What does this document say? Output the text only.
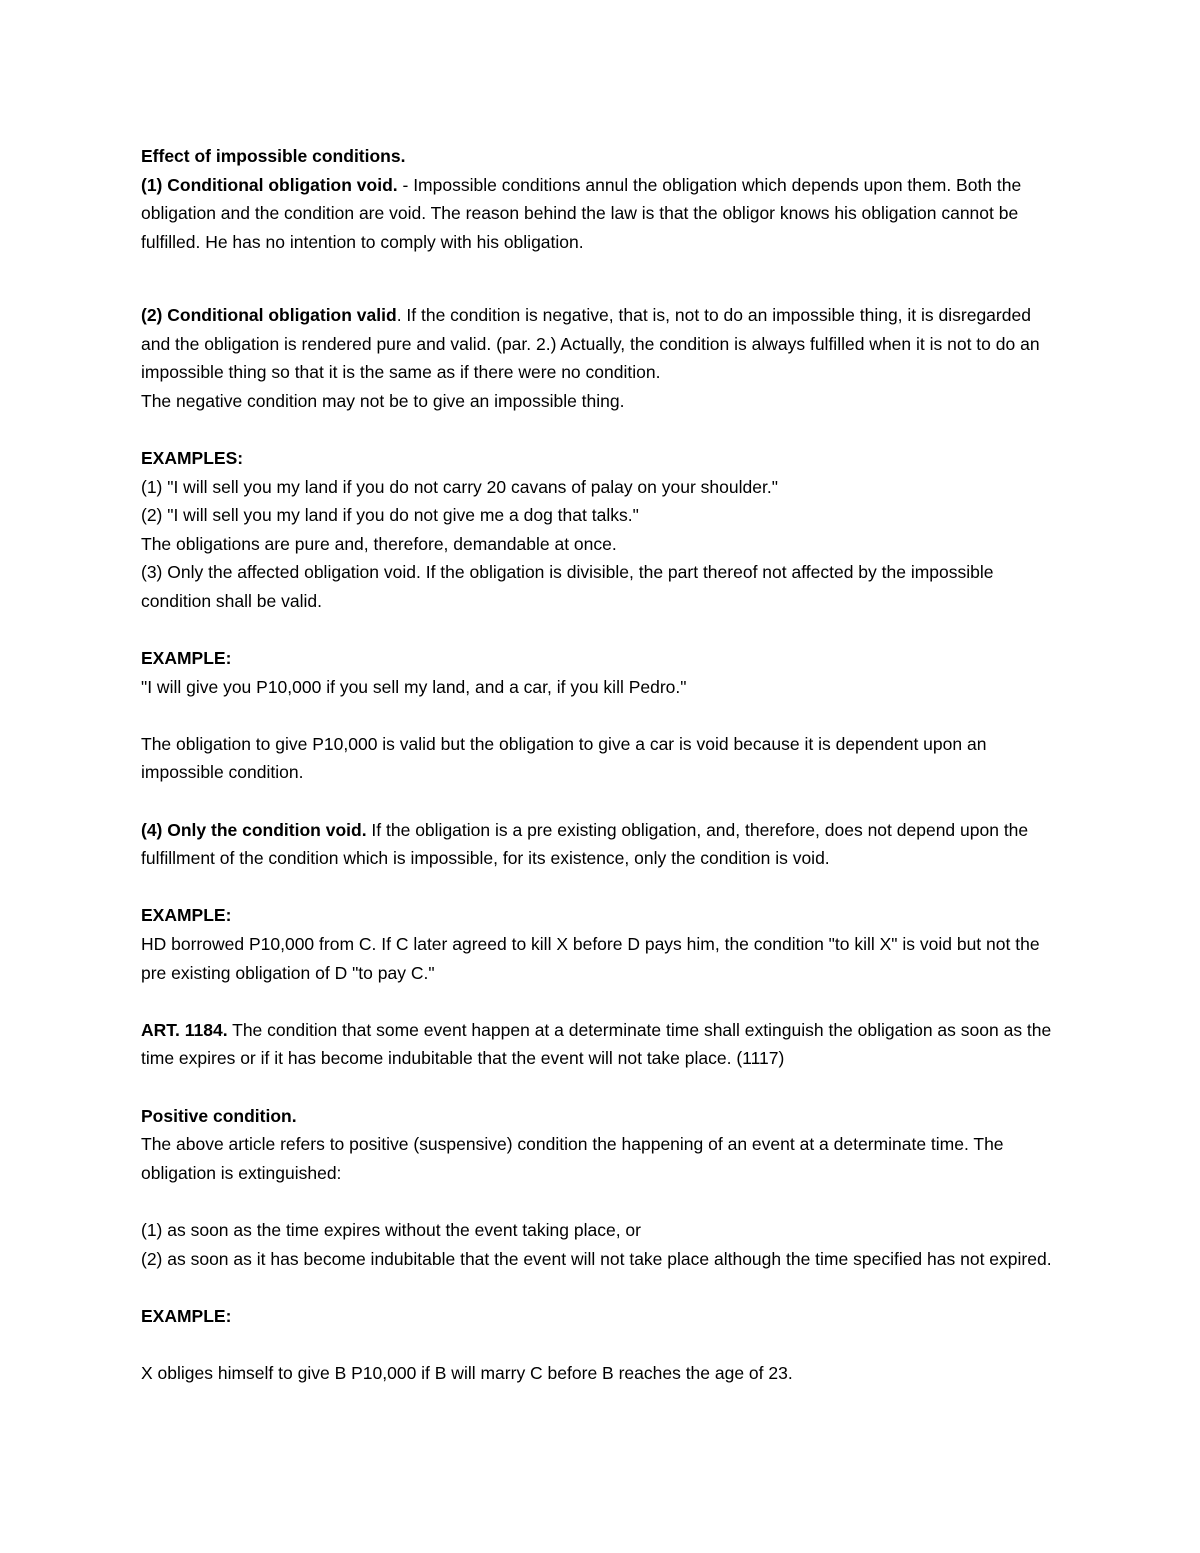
Effect of impossible conditions.

(1) Conditional obligation void. - Impossible conditions annul the obligation which depends upon them. Both the obligation and the condition are void. The reason behind the law is that the obligor knows his obligation cannot be fulfilled. He has no intention to comply with his obligation.

(2) Conditional obligation valid. If the condition is negative, that is, not to do an impossible thing, it is disregarded and the obligation is rendered pure and valid. (par. 2.) Actually, the condition is always fulfilled when it is not to do an impossible thing so that it is the same as if there were no condition.

The negative condition may not be to give an impossible thing.

EXAMPLES:

(1) "I will sell you my land if you do not carry 20 cavans of palay on your shoulder."

(2) "I will sell you my land if you do not give me a dog that talks."

The obligations are pure and, therefore, demandable at once.

(3) Only the affected obligation void. If the obligation is divisible, the part thereof not affected by the impossible condition shall be valid.

EXAMPLE:

"I will give you P10,000 if you sell my land, and a car, if you kill Pedro."

The obligation to give P10,000 is valid but the obligation to give a car is void because it is dependent upon an impossible condition.

(4) Only the condition void. If the obligation is a pre existing obligation, and, therefore, does not depend upon the fulfillment of the condition which is impossible, for its existence, only the condition is void.

EXAMPLE:

HD borrowed P10,000 from C. If C later agreed to kill X before D pays him, the condition "to kill X" is void but not the pre existing obligation of D "to pay C."

ART. 1184. The condition that some event happen at a determinate time shall extinguish the obligation as soon as the time expires or if it has become indubitable that the event will not take place. (1117)

Positive condition.

The above article refers to positive (suspensive) condition the happening of an event at a determinate time. The obligation is extinguished:

(1) as soon as the time expires without the event taking place, or

(2) as soon as it has become indubitable that the event will not take place although the time specified has not expired.

EXAMPLE:

X obliges himself to give B P10,000 if B will marry C before B reaches the age of 23.
